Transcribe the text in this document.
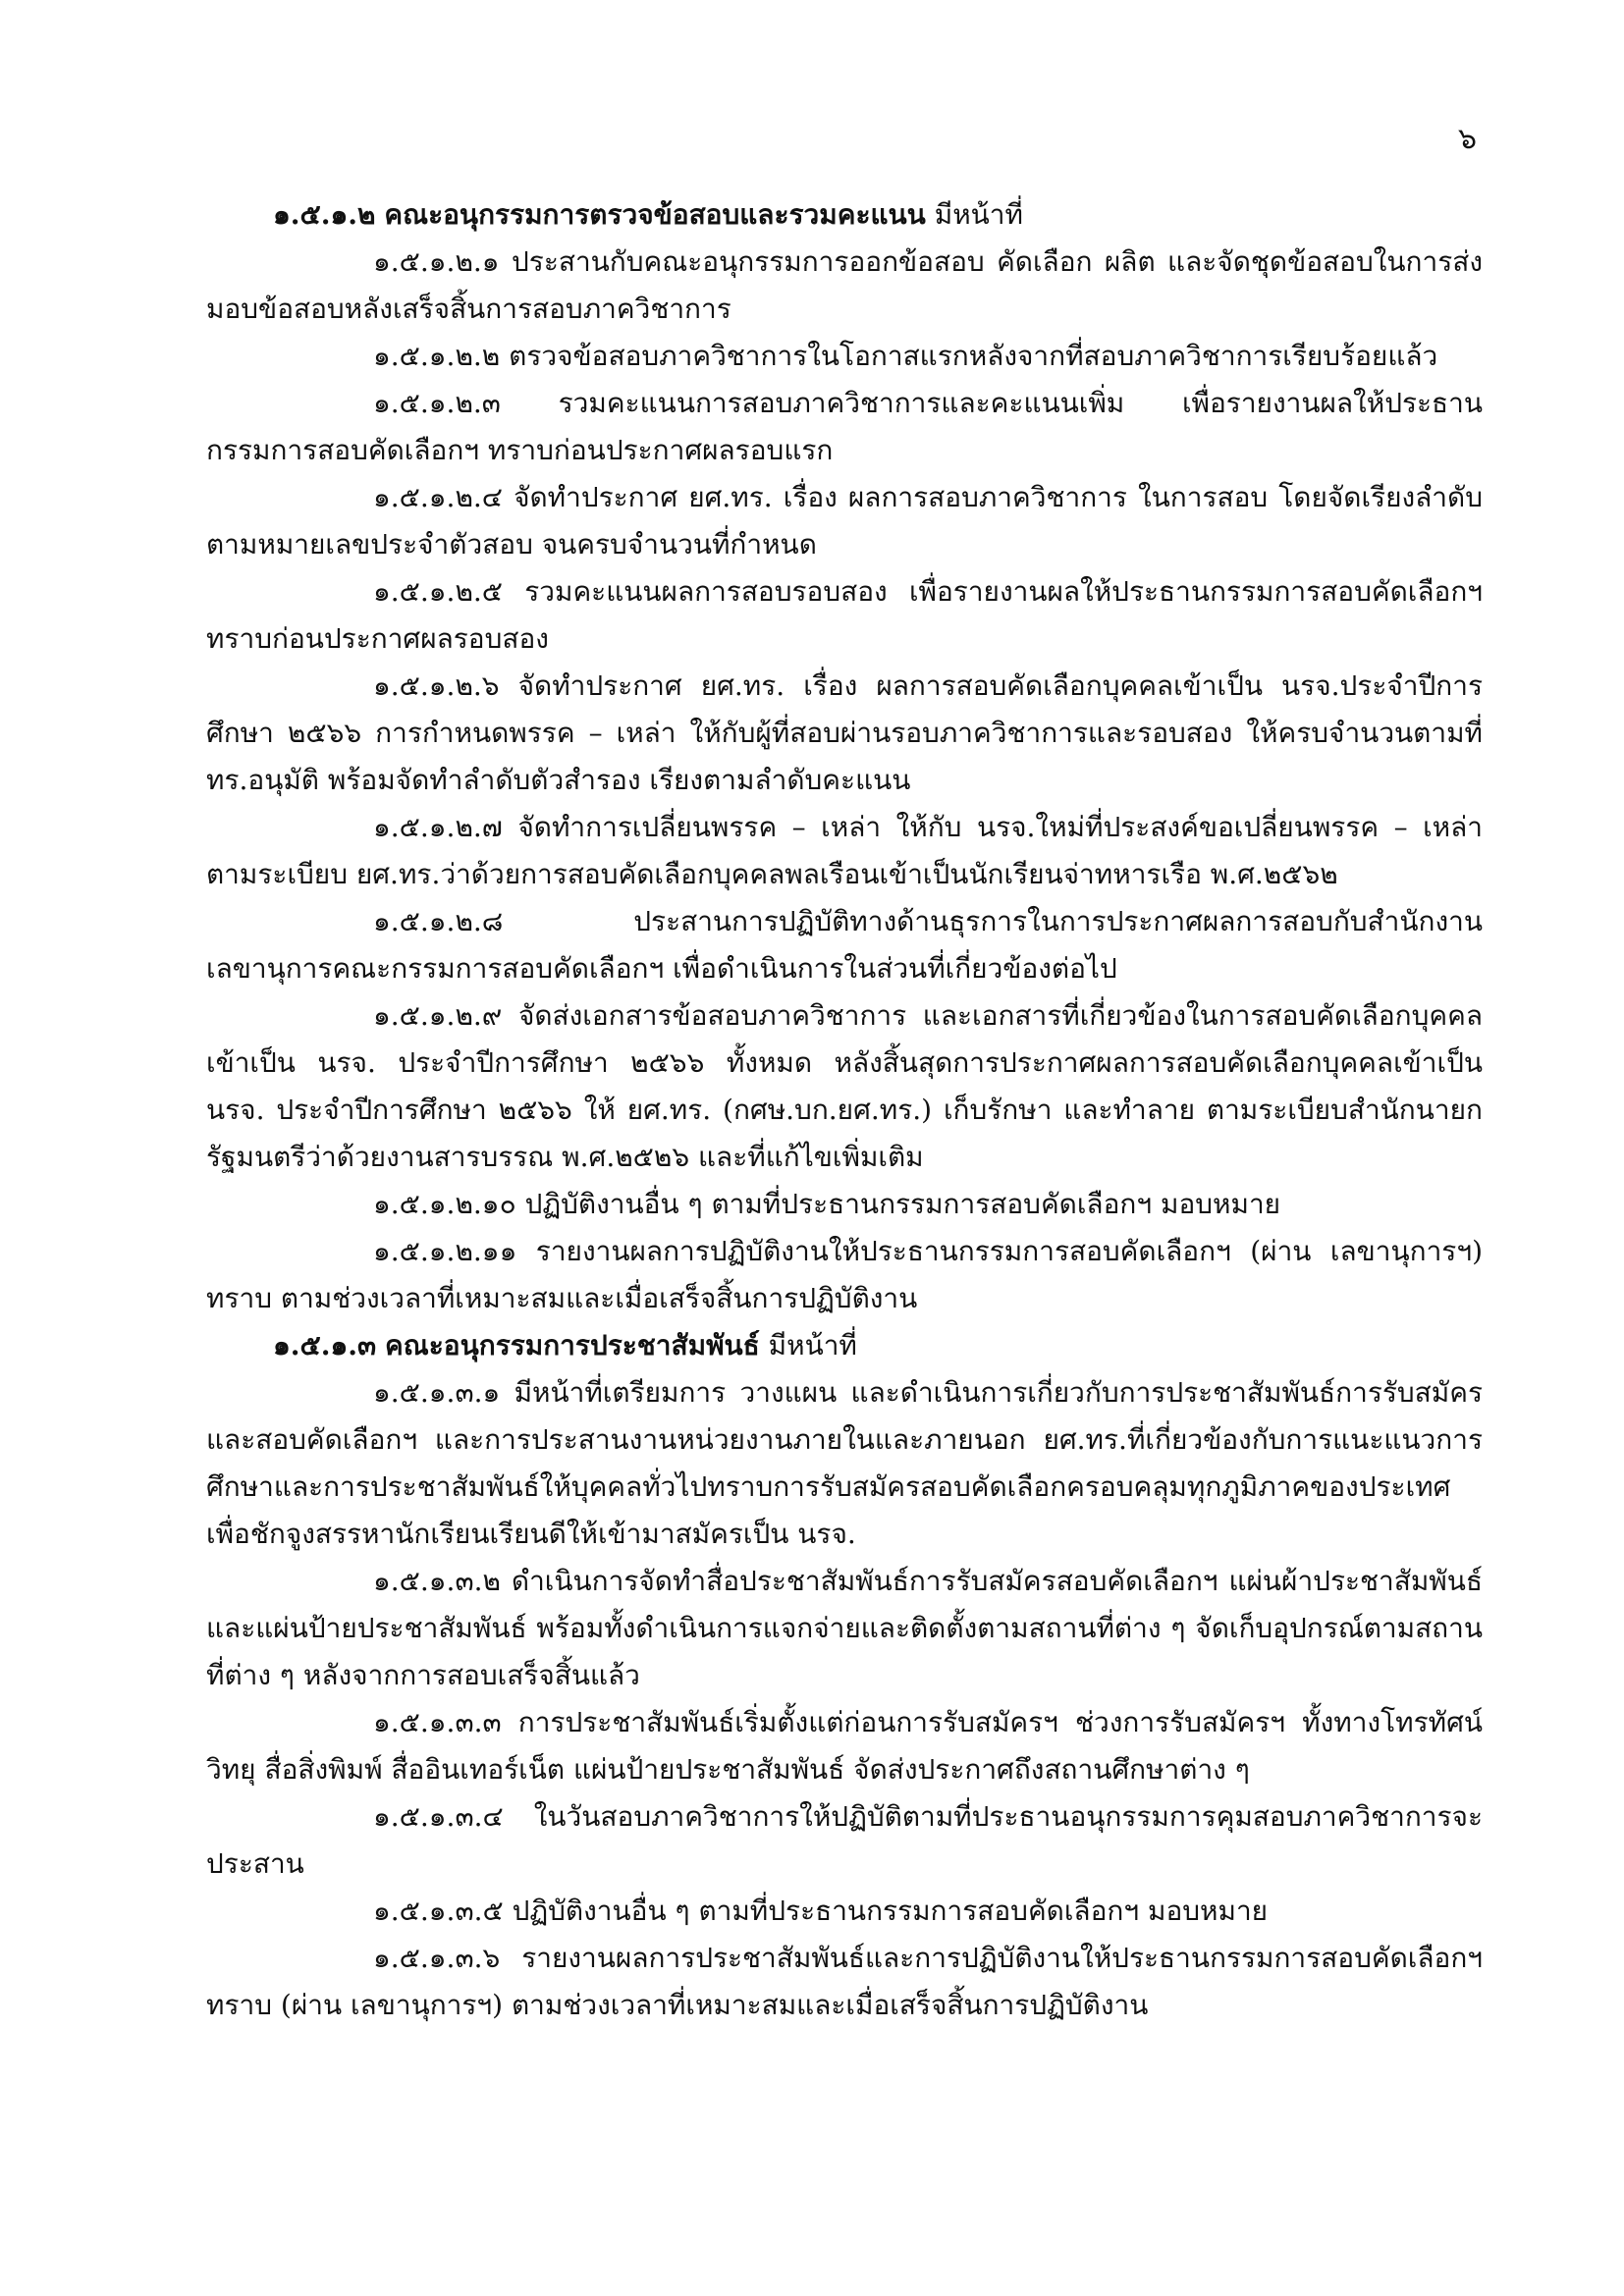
๖

๑.๕.๑.๒ คณะอนุกรรมการตรวจข้อสอบและรวมคะแนน มีหน้าที่

๑.๕.๑.๒.๑ ประสานกับคณะอนุกรรมการออกข้อสอบ คัดเลือก ผลิต และจัดชุดข้อสอบในการส่งมอบข้อสอบหลังเสร็จสิ้นการสอบภาควิชาการ

๑.๕.๑.๒.๒ ตรวจข้อสอบภาควิชาการในโอกาสแรกหลังจากที่สอบภาควิชาการเรียบร้อยแล้ว

๑.๕.๑.๒.๓ รวมคะแนนการสอบภาควิชาการและคะแนนเพิ่ม เพื่อรายงานผลให้ประธานกรรมการสอบคัดเลือกฯ ทราบก่อนประกาศผลรอบแรก

๑.๕.๑.๒.๔ จัดทำประกาศ ยศ.ทร. เรื่อง ผลการสอบภาควิชาการ ในการสอบ โดยจัดเรียงลำดับตามหมายเลขประจำตัวสอบ จนครบจำนวนที่กำหนด

๑.๕.๑.๒.๕ รวมคะแนนผลการสอบรอบสอง เพื่อรายงานผลให้ประธานกรรมการสอบคัดเลือกฯ ทราบก่อนประกาศผลรอบสอง

๑.๕.๑.๒.๖ จัดทำประกาศ ยศ.ทร. เรื่อง ผลการสอบคัดเลือกบุคคลเข้าเป็น นรจ.ประจำปีการศึกษา ๒๕๖๖ การกำหนดพรรค – เหล่า ให้กับผู้ที่สอบผ่านรอบภาควิชาการและรอบสอง ให้ครบจำนวนตามที่ ทร.อนุมัติ พร้อมจัดทำลำดับตัวสำรอง เรียงตามลำดับคะแนน

๑.๕.๑.๒.๗ จัดทำการเปลี่ยนพรรค – เหล่า ให้กับ นรจ.ใหม่ที่ประสงค์ขอเปลี่ยนพรรค – เหล่า ตามระเบียบ ยศ.ทร.ว่าด้วยการสอบคัดเลือกบุคคลพลเรือนเข้าเป็นนักเรียนจ่าทหารเรือ พ.ศ.๒๕๖๒

๑.๕.๑.๒.๘	ประสานการปฏิบัติทางด้านธุรการในการประกาศผลการสอบกับสำนักงานเลขานุการคณะกรรมการสอบคัดเลือกฯ เพื่อดำเนินการในส่วนที่เกี่ยวข้องต่อไป

๑.๕.๑.๒.๙ จัดส่งเอกสารข้อสอบภาควิชาการ และเอกสารที่เกี่ยวข้องในการสอบคัดเลือกบุคคลเข้าเป็น นรจ. ประจำปีการศึกษา ๒๕๖๖ ทั้งหมด หลังสิ้นสุดการประกาศผลการสอบคัดเลือกบุคคลเข้าเป็น นรจ. ประจำปีการศึกษา ๒๕๖๖ ให้ ยศ.ทร. (กศษ.บก.ยศ.ทร.) เก็บรักษา และทำลาย ตามระเบียบสำนักนายกรัฐมนตรีว่าด้วยงานสารบรรณ พ.ศ.๒๕๒๖ และที่แก้ไขเพิ่มเติม

๑.๕.๑.๒.๑๐ ปฏิบัติงานอื่น ๆ ตามที่ประธานกรรมการสอบคัดเลือกฯ มอบหมาย

๑.๕.๑.๒.๑๑ รายงานผลการปฏิบัติงานให้ประธานกรรมการสอบคัดเลือกฯ (ผ่าน เลขานุการฯ) ทราบ ตามช่วงเวลาที่เหมาะสมและเมื่อเสร็จสิ้นการปฏิบัติงาน

๑.๕.๑.๓ คณะอนุกรรมการประชาสัมพันธ์ มีหน้าที่

๑.๕.๑.๓.๑ มีหน้าที่เตรียมการ วางแผน และดำเนินการเกี่ยวกับการประชาสัมพันธ์การรับสมัครและสอบคัดเลือกฯ และการประสานงานหน่วยงานภายในและภายนอก ยศ.ทร.ที่เกี่ยวข้องกับการแนะแนวการศึกษาและการประชาสัมพันธ์ให้บุคคลทั่วไปทราบการรับสมัครสอบคัดเลือกครอบคลุมทุกภูมิภาคของประเทศ เพื่อชักจูงสรรหานักเรียนเรียนดีให้เข้ามาสมัครเป็น นรจ.

๑.๕.๑.๓.๒ ดำเนินการจัดทำสื่อประชาสัมพันธ์การรับสมัครสอบคัดเลือกฯ แผ่นผ้าประชาสัมพันธ์และแผ่นป้ายประชาสัมพันธ์ พร้อมทั้งดำเนินการแจกจ่ายและติดตั้งตามสถานที่ต่าง ๆ จัดเก็บอุปกรณ์ตามสถานที่ต่าง ๆ หลังจากการสอบเสร็จสิ้นแล้ว

๑.๕.๑.๓.๓ การประชาสัมพันธ์เริ่มตั้งแต่ก่อนการรับสมัครฯ ช่วงการรับสมัครฯ ทั้งทางโทรทัศน์ วิทยุ สื่อสิ่งพิมพ์ สื่ออินเทอร์เน็ต แผ่นป้ายประชาสัมพันธ์ จัดส่งประกาศถึงสถานศึกษาต่าง ๆ

๑.๕.๑.๓.๔ ในวันสอบภาควิชาการให้ปฏิบัติตามที่ประธานอนุกรรมการคุมสอบภาควิชาการจะประสาน

๑.๕.๑.๓.๕ ปฏิบัติงานอื่น ๆ ตามที่ประธานกรรมการสอบคัดเลือกฯ มอบหมาย

๑.๕.๑.๓.๖ รายงานผลการประชาสัมพันธ์และการปฏิบัติงานให้ประธานกรรมการสอบคัดเลือกฯ ทราบ (ผ่าน เลขานุการฯ) ตามช่วงเวลาที่เหมาะสมและเมื่อเสร็จสิ้นการปฏิบัติงาน
